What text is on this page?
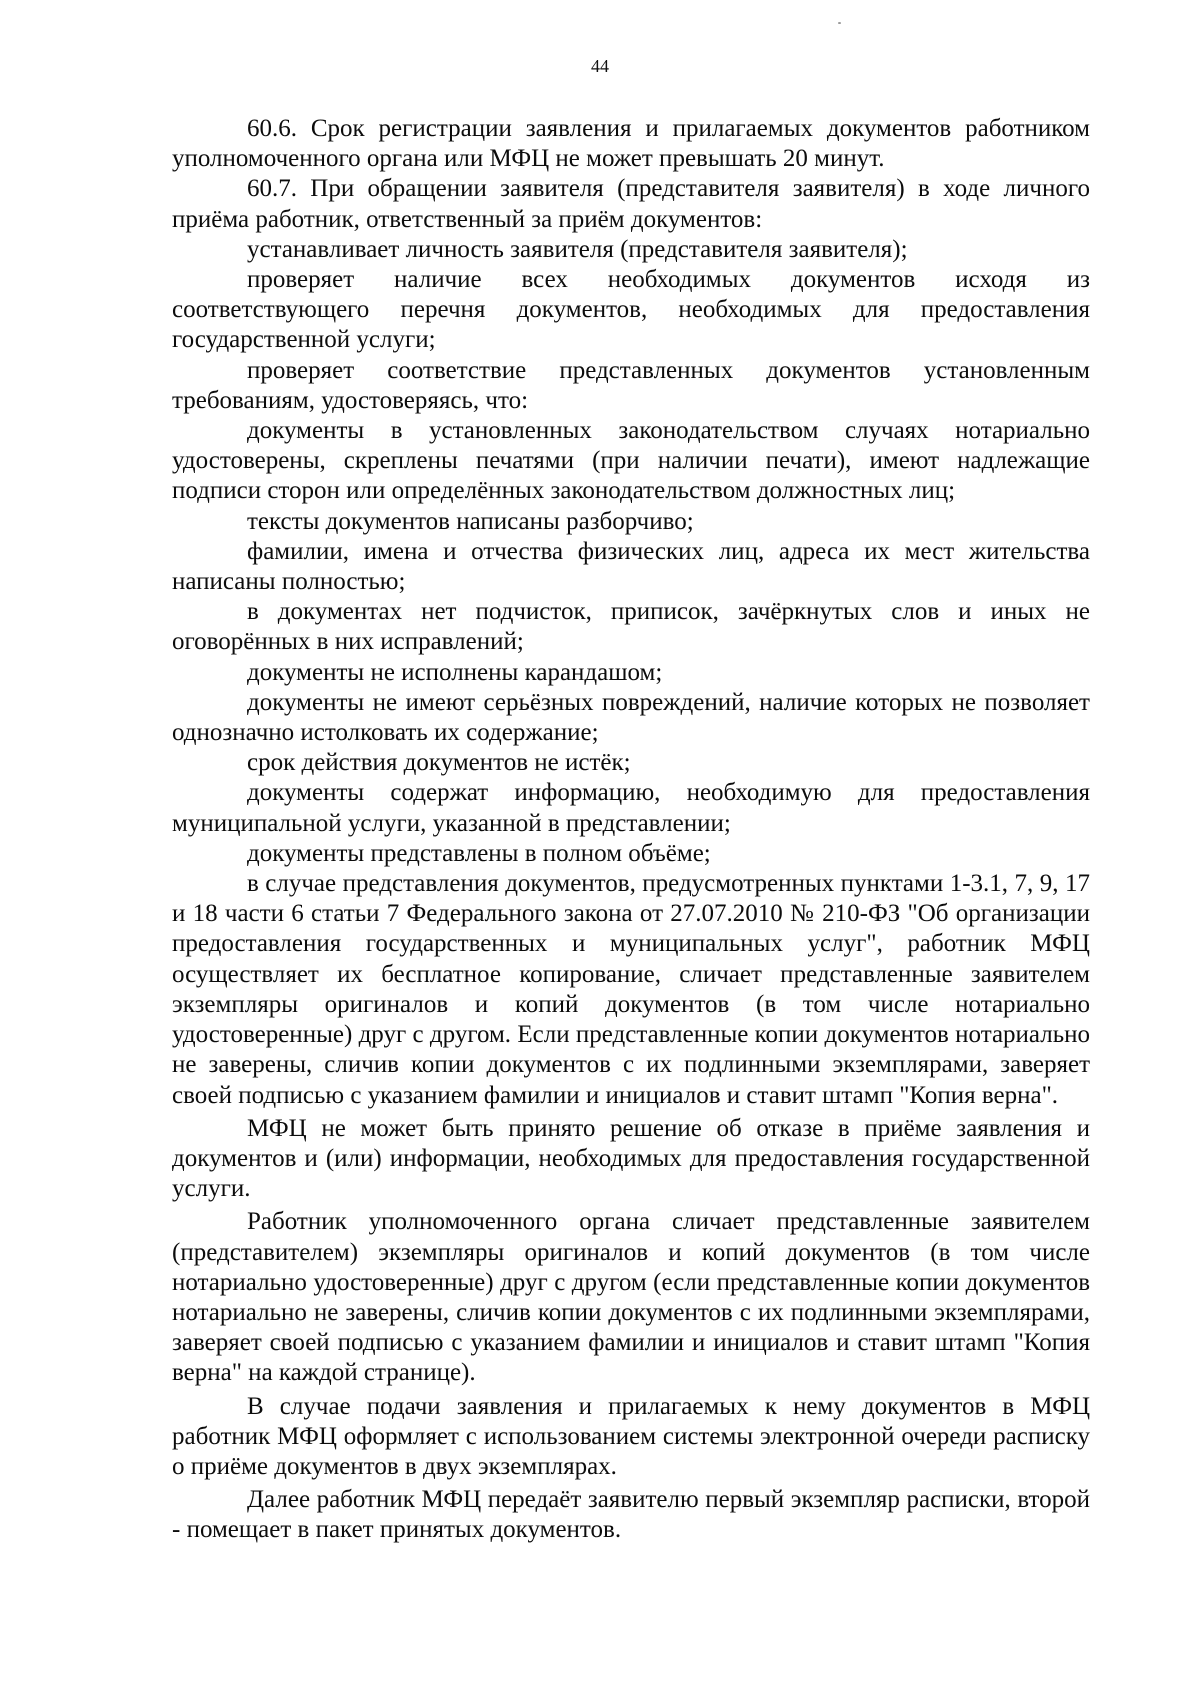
44

60.6. Срок регистрации заявления и прилагаемых документов работником уполномоченного органа или МФЦ не может превышать 20 минут.

60.7. При обращении заявителя (представителя заявителя) в ходе личного приёма работник, ответственный за приём документов:

устанавливает личность заявителя (представителя заявителя);

проверяет наличие всех необходимых документов исходя из соответствующего перечня документов, необходимых для предоставления государственной услуги;

проверяет соответствие представленных документов установленным требованиям, удостоверяясь, что:

документы в установленных законодательством случаях нотариально удостоверены, скреплены печатями (при наличии печати), имеют надлежащие подписи сторон или определённых законодательством должностных лиц;

тексты документов написаны разборчиво;

фамилии, имена и отчества физических лиц, адреса их мест жительства написаны полностью;

в документах нет подчисток, приписок, зачёркнутых слов и иных не оговорённых в них исправлений;

документы не исполнены карандашом;

документы не имеют серьёзных повреждений, наличие которых не позволяет однозначно истолковать их содержание;

срок действия документов не истёк;

документы содержат информацию, необходимую для предоставления муниципальной услуги, указанной в представлении;

документы представлены в полном объёме;

в случае представления документов, предусмотренных пунктами 1-3.1, 7, 9, 17 и 18 части 6 статьи 7 Федерального закона от 27.07.2010 № 210-ФЗ "Об организации предоставления государственных и муниципальных услуг", работник МФЦ осуществляет их бесплатное копирование, сличает представленные заявителем экземпляры оригиналов и копий документов (в том числе нотариально удостоверенные) друг с другом. Если представленные копии документов нотариально не заверены, сличив копии документов с их подлинными экземплярами, заверяет своей подписью с указанием фамилии и инициалов и ставит штамп "Копия верна".

МФЦ не может быть принято решение об отказе в приёме заявления и документов и (или) информации, необходимых для предоставления государственной услуги.

Работник уполномоченного органа сличает представленные заявителем (представителем) экземпляры оригиналов и копий документов (в том числе нотариально удостоверенные) друг с другом (если представленные копии документов нотариально не заверены, сличив копии документов с их подлинными экземплярами, заверяет своей подписью с указанием фамилии и инициалов и ставит штамп "Копия верна" на каждой странице).

В случае подачи заявления и прилагаемых к нему документов в МФЦ работник МФЦ оформляет с использованием системы электронной очереди расписку о приёме документов в двух экземплярах.

Далее работник МФЦ передаёт заявителю первый экземпляр расписки, второй - помещает в пакет принятых документов.
